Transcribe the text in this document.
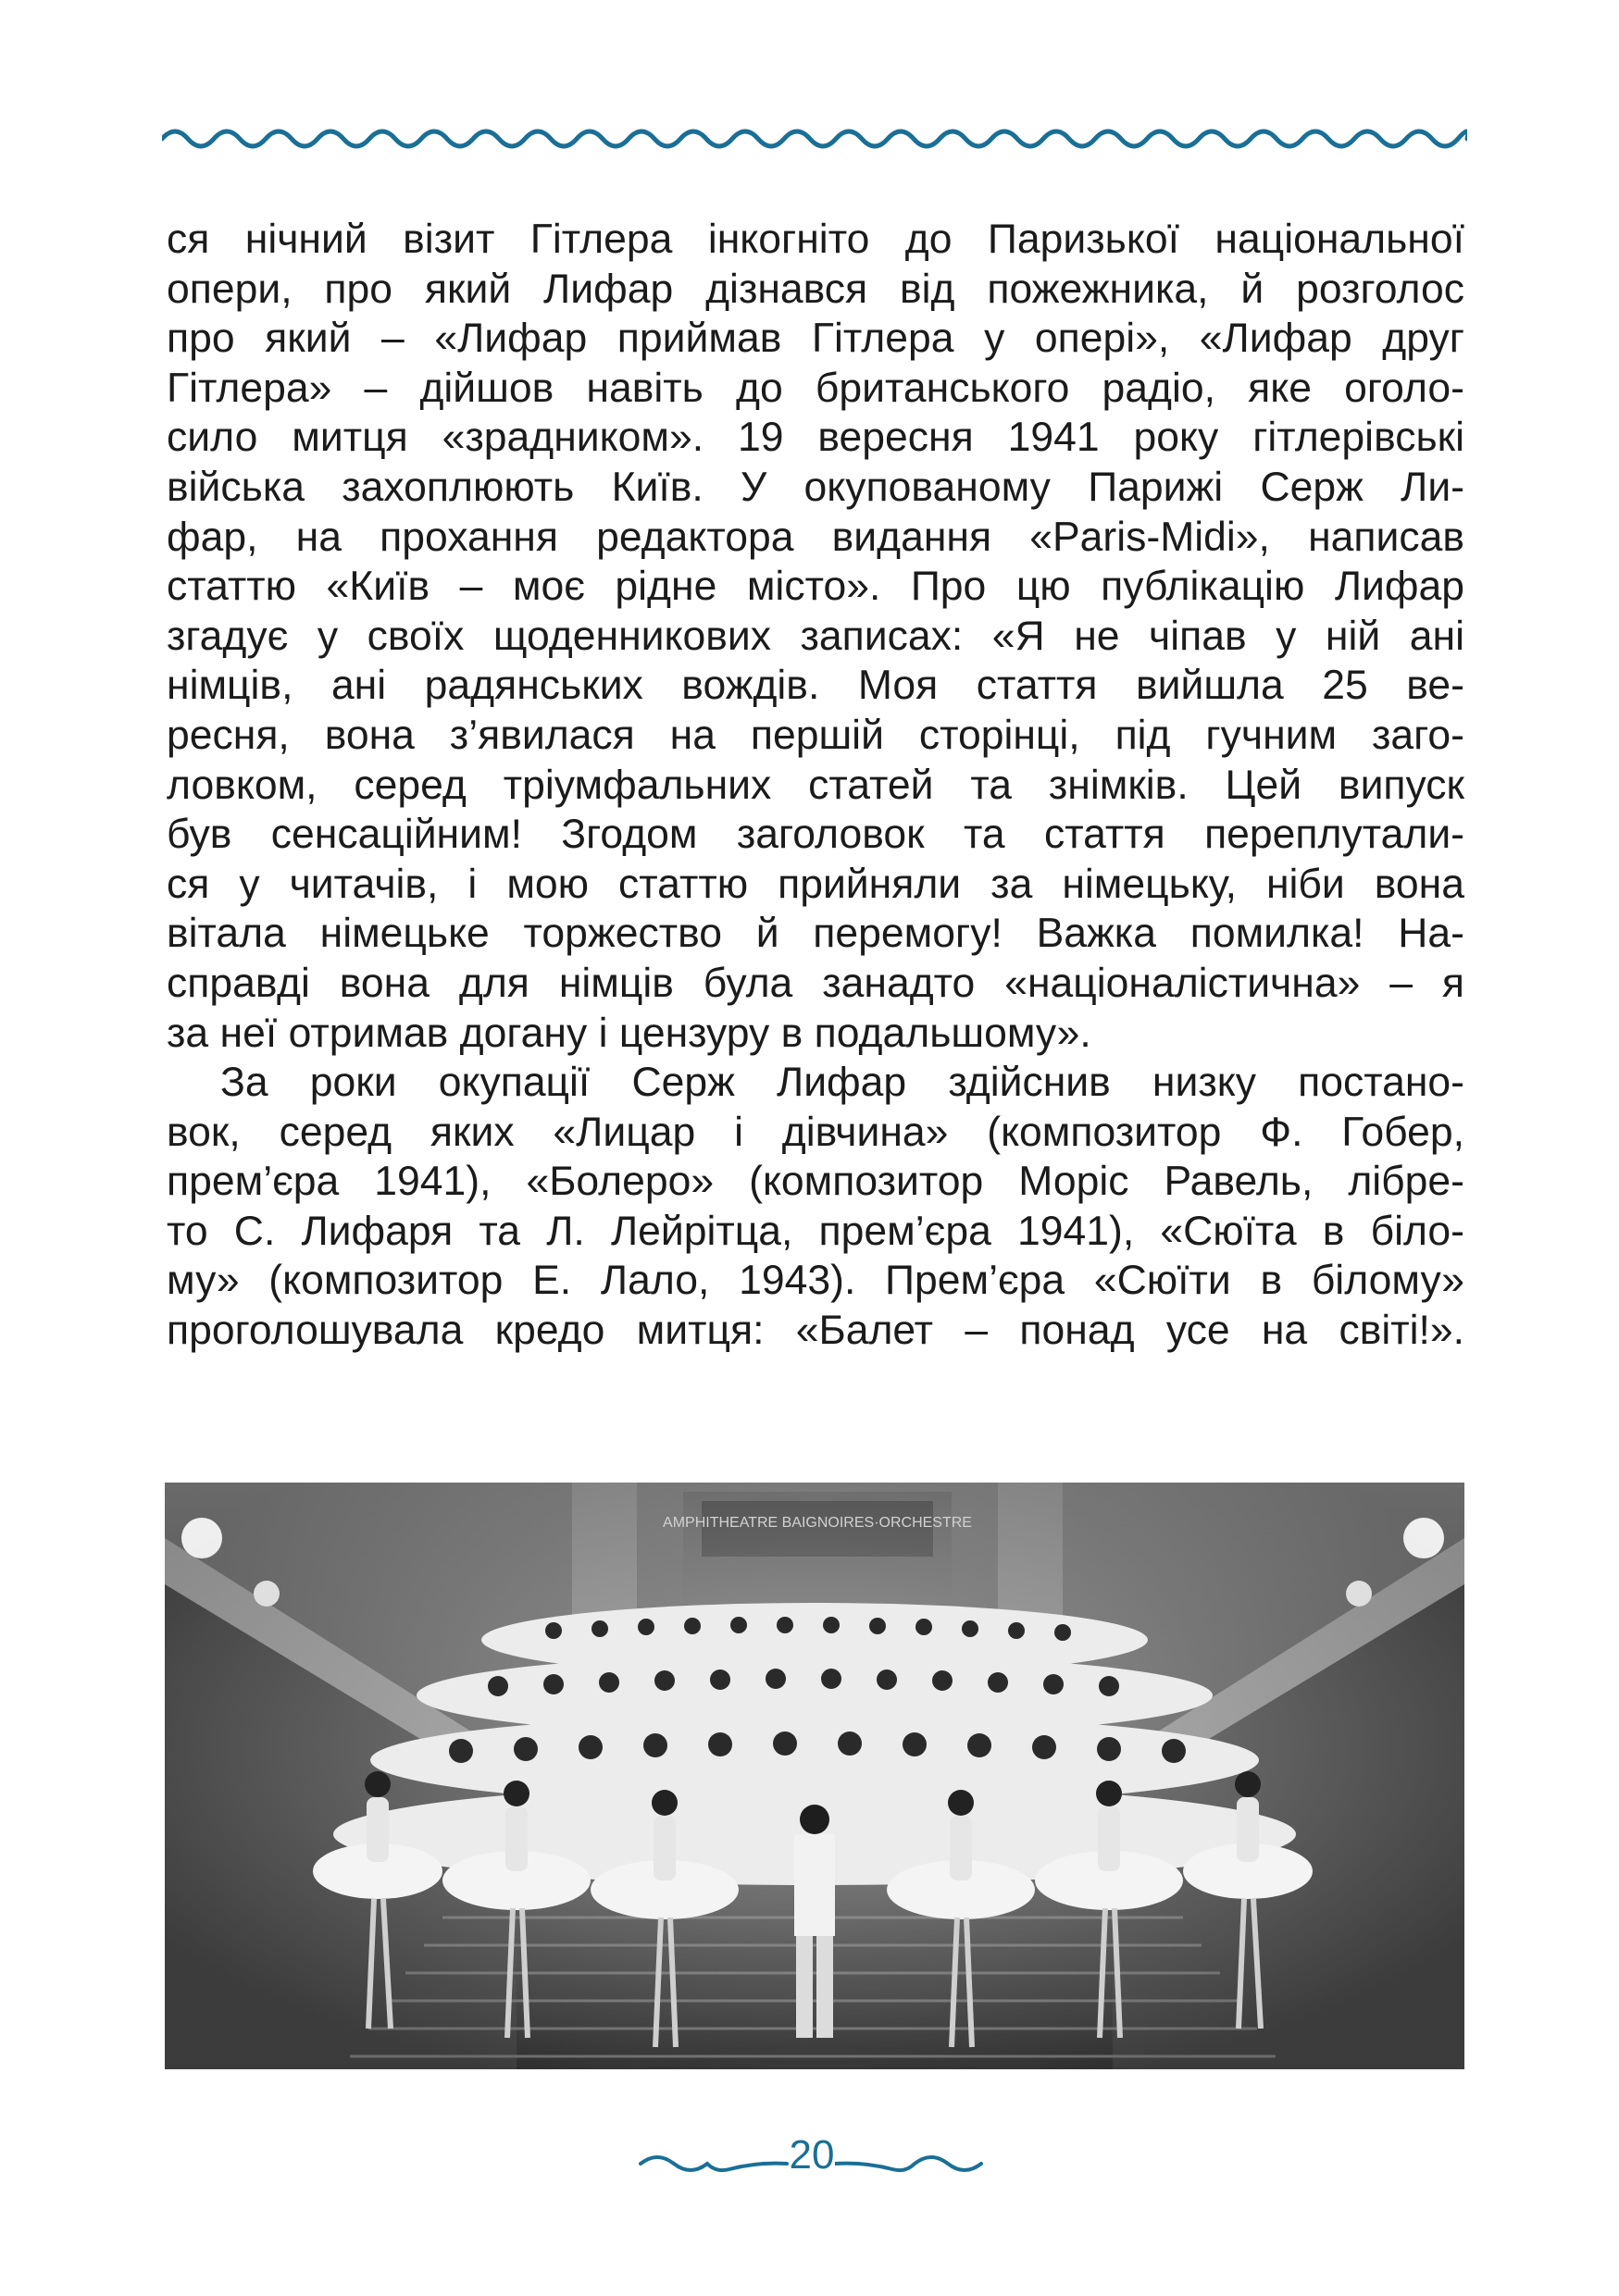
ся нічний візит Гітлера інкогніто до Паризької національної
опери, про який Лифар дізнався від пожежника, й розголос
про який – «Лифар приймав Гітлера у опері», «Лифар друг
Гітлера» – дійшов навіть до британського радіо, яке оголо-
сило митця «зрадником». 19 вересня 1941 року гітлерівські
війська захоплюють Київ. У окупованому Парижі Серж Ли-
фар, на прохання редактора видання «Paris-Midi», написав
статтю «Київ – моє рідне місто». Про цю публікацію Лифар
згадує у своїх щоденникових записах: «Я не чіпав у ній ані
німців, ані радянських вождів. Моя стаття вийшла 25 ве-
ресня, вона з’явилася на першій сторінці, під гучним заго-
ловком, серед тріумфальних статей та знімків. Цей випуск
був сенсаційним! Згодом заголовок та стаття переплутали-
ся у читачів, і мою статтю прийняли за німецьку, ніби вона
вітала німецьке торжество й перемогу! Важка помилка! На-
справді вона для німців була занадто «націоналістична» – я
за неї отримав догану і цензуру в подальшому».
За роки окупації Серж Лифар здійснив низку постано-
вок, серед яких «Лицар і дівчина» (композитор Ф. Гобер,
прем’єра 1941), «Болеро» (композитор Моріс Равель, лібре-
то С. Лифаря та Л. Лейрітца, прем’єра 1941), «Сюїта в біло-
му» (композитор Е. Лало, 1943). Прем’єра «Сюїти в білому»
проголошувала кредо митця: «Балет – понад усе на світі!».
20
